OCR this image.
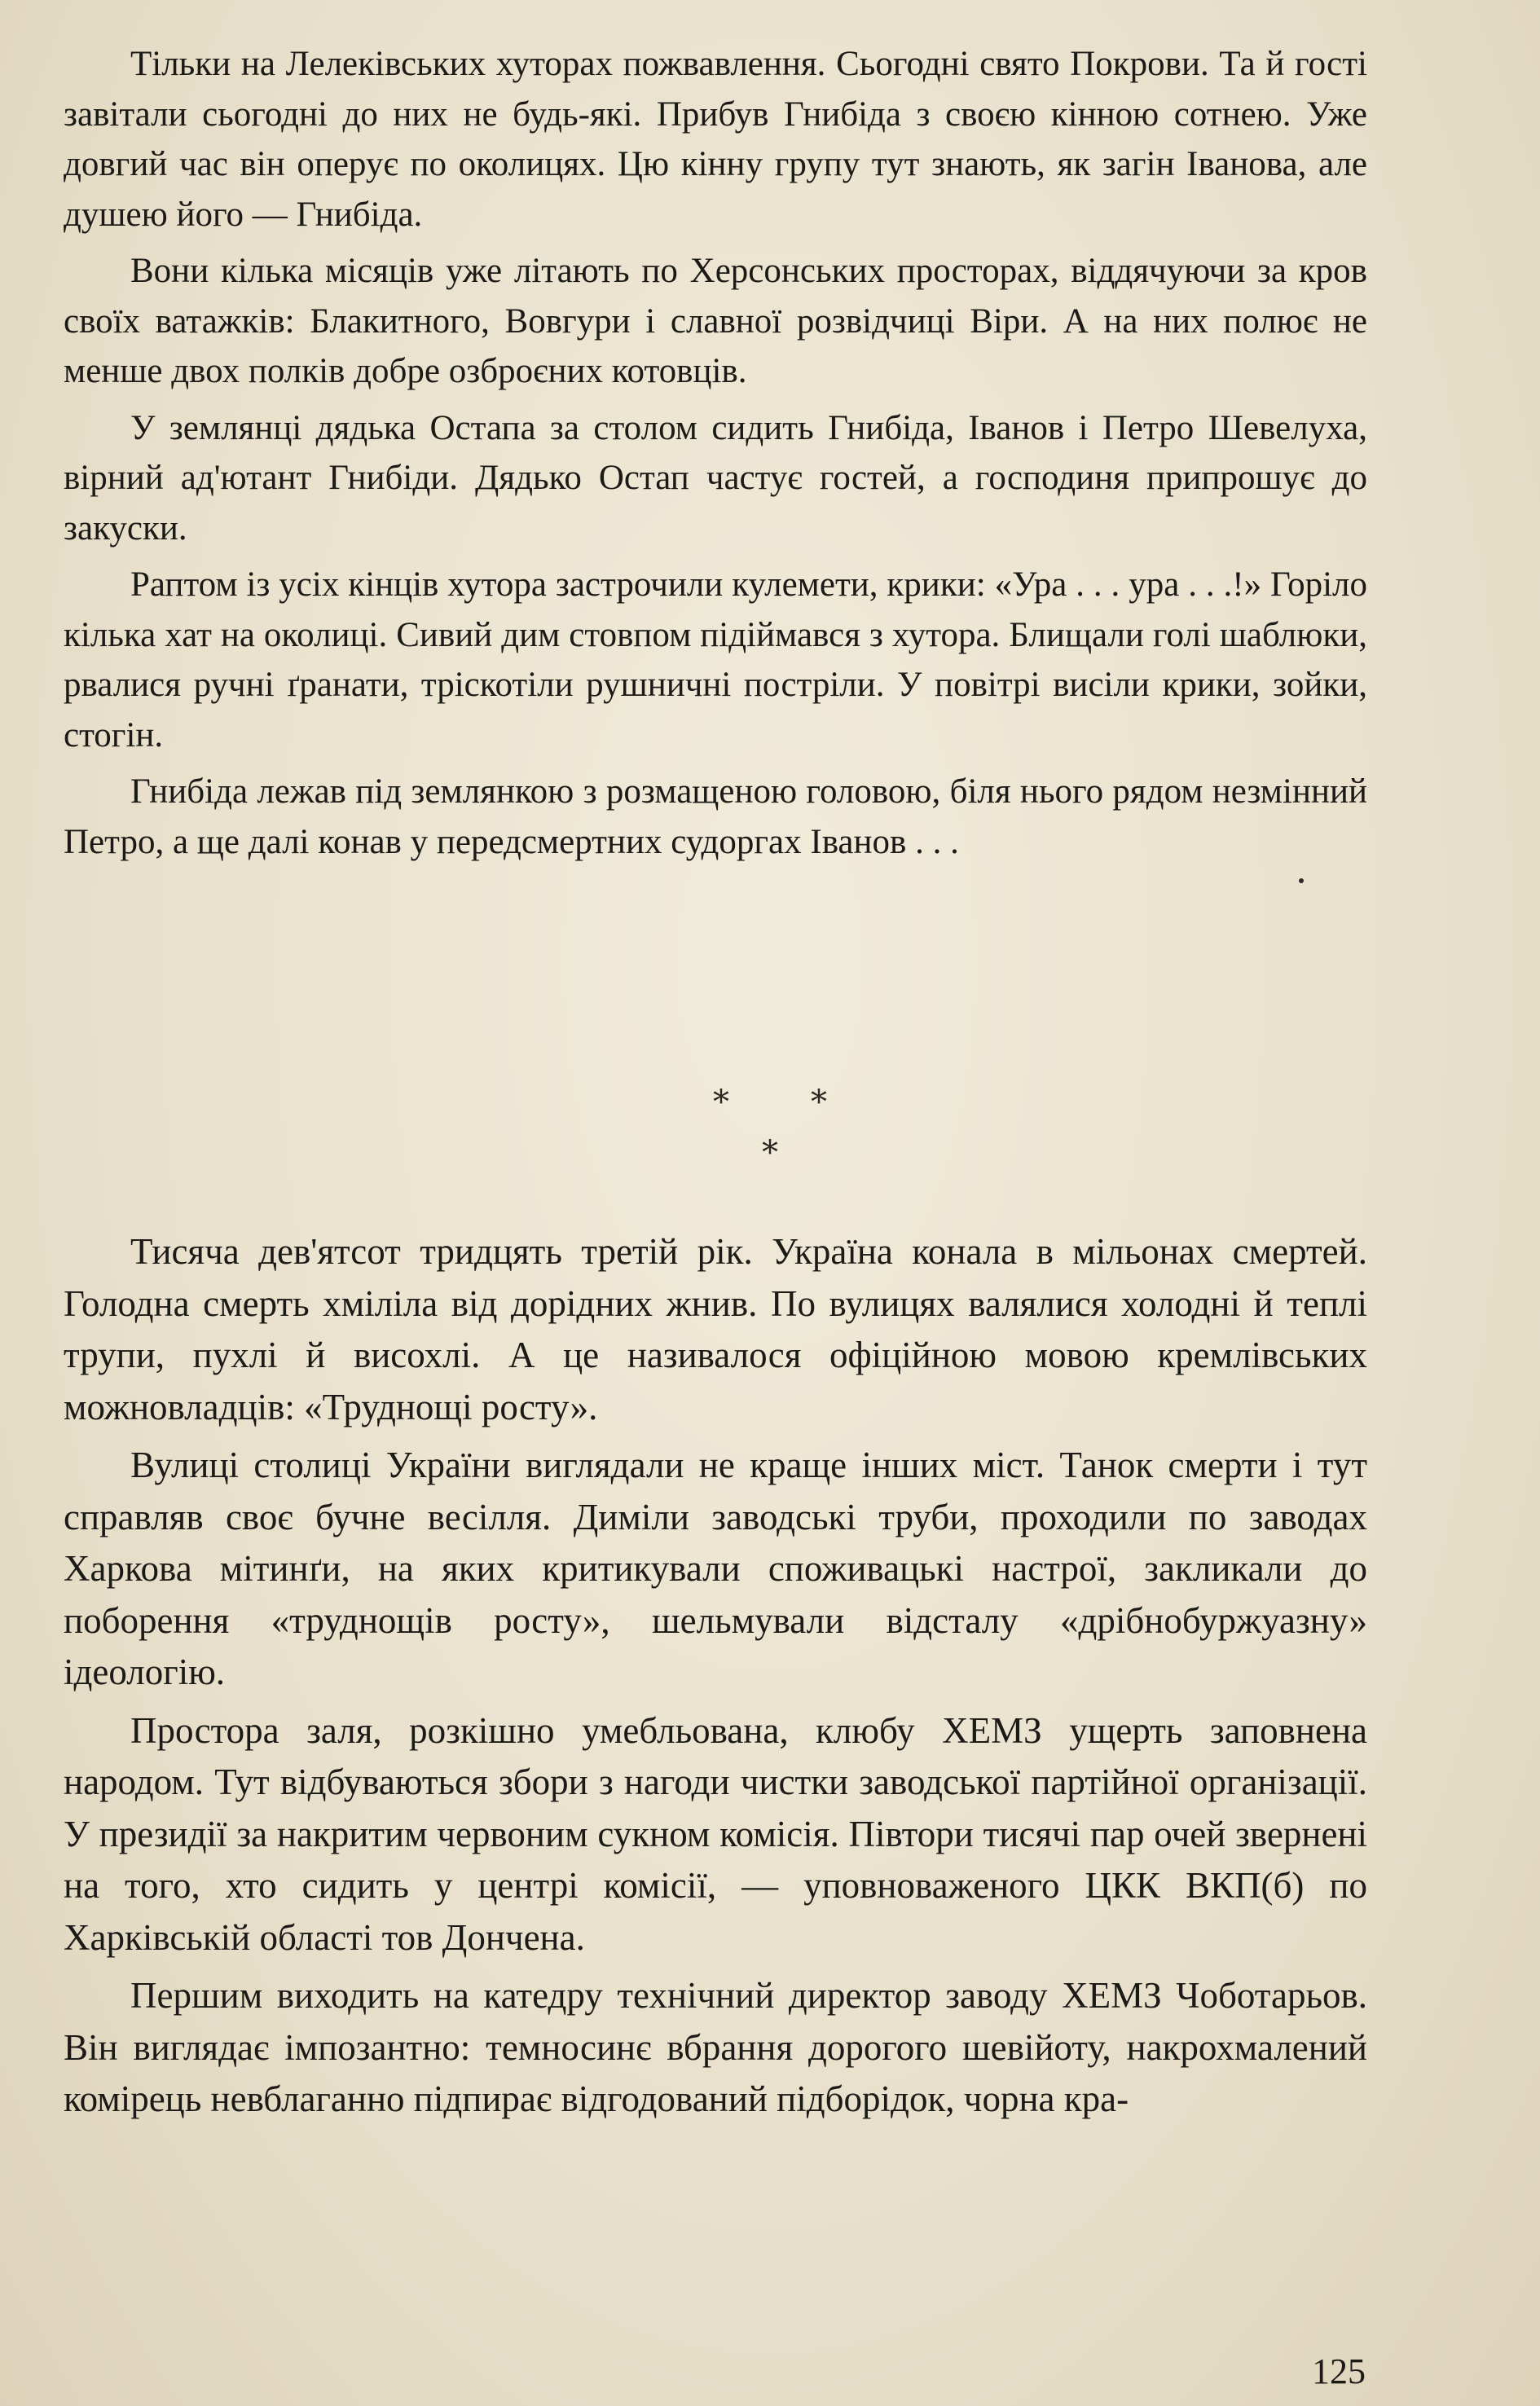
Тільки на Лелеківських хуторах пожвавлення. Сьогодні свято Покрови. Та й гості завітали сьогодні до них не будь-які. Прибув Гнибіда з своєю кінною сотнею. Уже довгий час він оперує по околицях. Цю кінну групу тут знають, як загін Іванова, але душею його — Гнибіда.

Вони кілька місяців уже літають по Херсонських просторах, віддячуючи за кров своїх ватажків: Блакитного, Вовгури і славної розвідчиці Віри. А на них полює не менше двох полків добре озброєних котовців.

У землянці дядька Остапа за столом сидить Гнибіда, Іванов і Петро Шевелуха, вірний ад'ютант Гнибіди. Дядько Остап частує гостей, а господиня припрошує до закуски.

Раптом із усіх кінців хутора застрочили кулемети, крики: «Ура . . . ура . . .!» Горіло кілька хат на околиці. Сивий дим стовпом підіймався з хутора. Блищали голі шаблюки, рвалися ручні ґранати, тріскотіли рушничні постріли. У повітрі висіли крики, зойки, стогін.

Гнибіда лежав під землянкою з розмащеною головою, біля нього рядом незмінний Петро, а ще далі конав у передсмертних судоргах Іванов . . .

*	*
*

Тисяча дев'ятсот тридцять третій рік. Україна конала в мільонах смертей. Голодна смерть хміліла від дорідних жнив. По вулицях валялися холодні й теплі трупи, пухлі й висохлі. А це називалося офіційною мовою кремлівських можновладців: «Труднощі росту».

Вулиці столиці України виглядали не краще інших міст. Танок смерти і тут справляв своє бучне весілля. Диміли заводські труби, проходили по заводах Харкова мітинґи, на яких критикували споживацькі настрої, закликали до поборення «труднощів росту», шельмували відсталу «дрібнобуржуазну» ідеологію.

Простора заля, розкішно умебльована, клюбу ХЕМЗ ущерть заповнена народом. Тут відбуваються збори з нагоди чистки заводської партійної організації. У президії за накритим червоним сукном комісія. Півтори тисячі пар очей звернені на того, хто сидить у центрі комісії, — уповноваженого ЦКК ВКП(б) по Харківській області тов Дончена.

Першим виходить на катедру технічний директор заводу ХЕМЗ Чоботарьов. Він виглядає імпозантно: темносинє вбрання дорогого шевійоту, накрохмалений комірець невблаганно підпирає відгодований підборідок, чорна кра-

125
